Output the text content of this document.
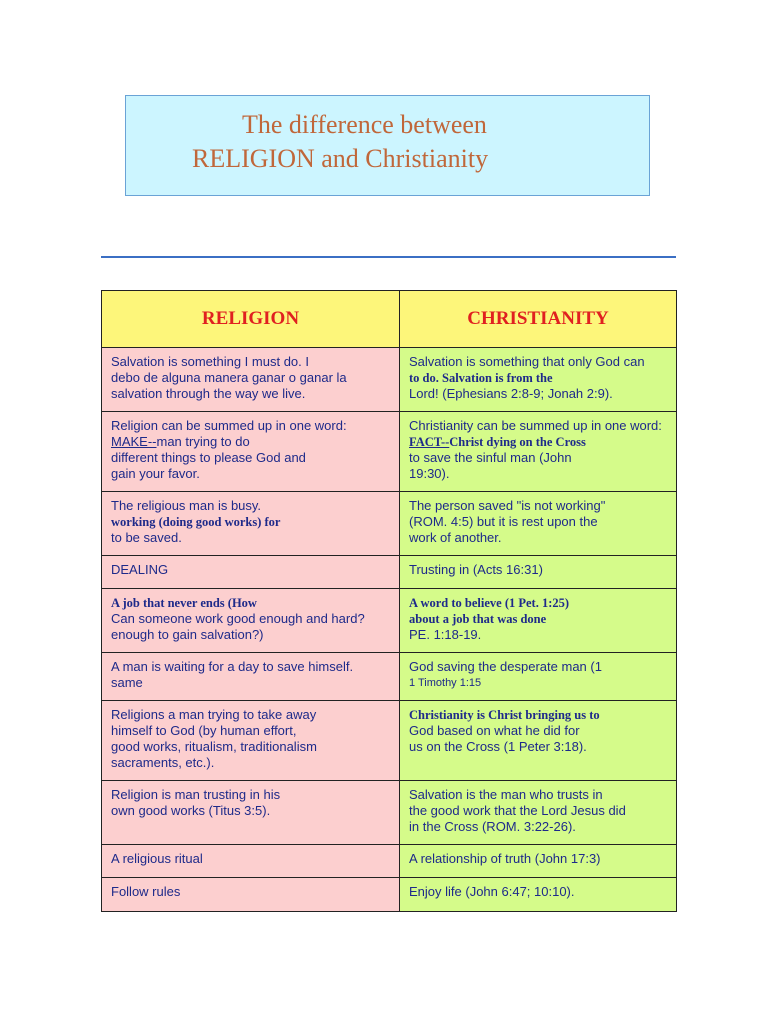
The difference between
RELIGION and Christianity
RELIGION	CHRISTIANITY

Salvation is something I must do. I
debo de alguna manera ganar o ganar la
salvation through the way we live.	Salvation is something that only God can
to do. Salvation is from the
Lord! (Ephesians 2:8-9; Jonah 2:9).

Religion can be summed up in one word:
MAKE--man trying to do
different things to please God and
gain your favor.	Christianity can be summed up in one word:
FACT--Christ dying on the Cross
to save the sinful man (John
19:30).

The religious man is busy.
working (doing good works) for
to be saved.	The person saved "is not working"
(ROM. 4:5) but it is rest upon the
work of another.

DEALING	Trusting in (Acts 16:31)

A job that never ends (How
Can someone work good enough and hard?
enough to gain salvation?)	A word to believe (1 Pet. 1:25)
about a job that was done
PE. 1:18-19.

A man is waiting for a day to save himself.
same	God saving the desperate man (1
1 Timothy 1:15

Religions a man trying to take away
himself to God (by human effort,
good works, ritualism, traditionalism
sacraments, etc.).	Christianity is Christ bringing us to
God based on what he did for
us on the Cross (1 Peter 3:18).

Religion is man trusting in his
own good works (Titus 3:5).	Salvation is the man who trusts in
the good work that the Lord Jesus did
in the Cross (ROM. 3:22-26).

A religious ritual	A relationship of truth (John 17:3)

Follow rules	Enjoy life (John 6:47; 10:10).
